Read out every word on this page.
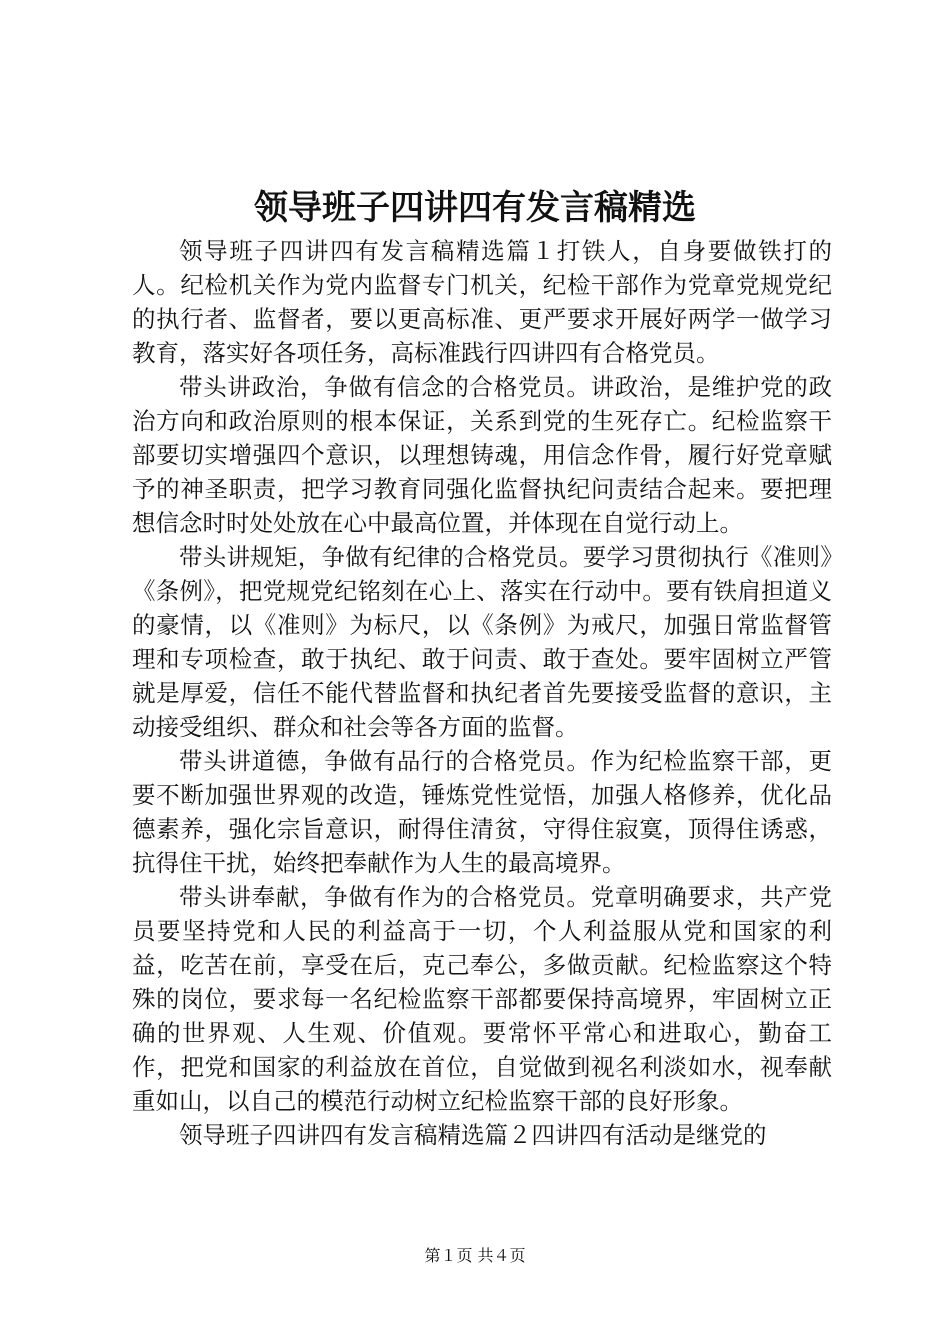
领导班子四讲四有发言稿精选

领导班子四讲四有发言稿精选篇１打铁人，自身要做铁打的人。纪检机关作为党内监督专门机关，纪检干部作为党章党规党纪的执行者、监督者，要以更高标准、更严要求开展好两学一做学习教育，落实好各项任务，高标准践行四讲四有合格党员。

带头讲政治，争做有信念的合格党员。讲政治，是维护党的政治方向和政治原则的根本保证，关系到党的生死存亡。纪检监察干部要切实增强四个意识，以理想铸魂，用信念作骨，履行好党章赋予的神圣职责，把学习教育同强化监督执纪问责结合起来。要把理想信念时时处处放在心中最高位置，并体现在自觉行动上。

带头讲规矩，争做有纪律的合格党员。要学习贯彻执行《准则》《条例》，把党规党纪铭刻在心上、落实在行动中。要有铁肩担道义的豪情，以《准则》为标尺，以《条例》为戒尺，加强日常监督管理和专项检查，敢于执纪、敢于问责、敢于查处。要牢固树立严管就是厚爱，信任不能代替监督和执纪者首先要接受监督的意识，主动接受组织、群众和社会等各方面的监督。

带头讲道德，争做有品行的合格党员。作为纪检监察干部，更要不断加强世界观的改造，锤炼党性觉悟，加强人格修养，优化品德素养，强化宗旨意识，耐得住清贫，守得住寂寞，顶得住诱惑，抗得住干扰，始终把奉献作为人生的最高境界。

带头讲奉献，争做有作为的合格党员。党章明确要求，共产党员要坚持党和人民的利益高于一切，个人利益服从党和国家的利益，吃苦在前，享受在后，克己奉公，多做贡献。纪检监察这个特殊的岗位，要求每一名纪检监察干部都要保持高境界，牢固树立正确的世界观、人生观、价值观。要常怀平常心和进取心，勤奋工作，把党和国家的利益放在首位，自觉做到视名利淡如水，视奉献重如山，以自己的模范行动树立纪检监察干部的良好形象。

领导班子四讲四有发言稿精选篇２四讲四有活动是继党的

第１页 共４页
